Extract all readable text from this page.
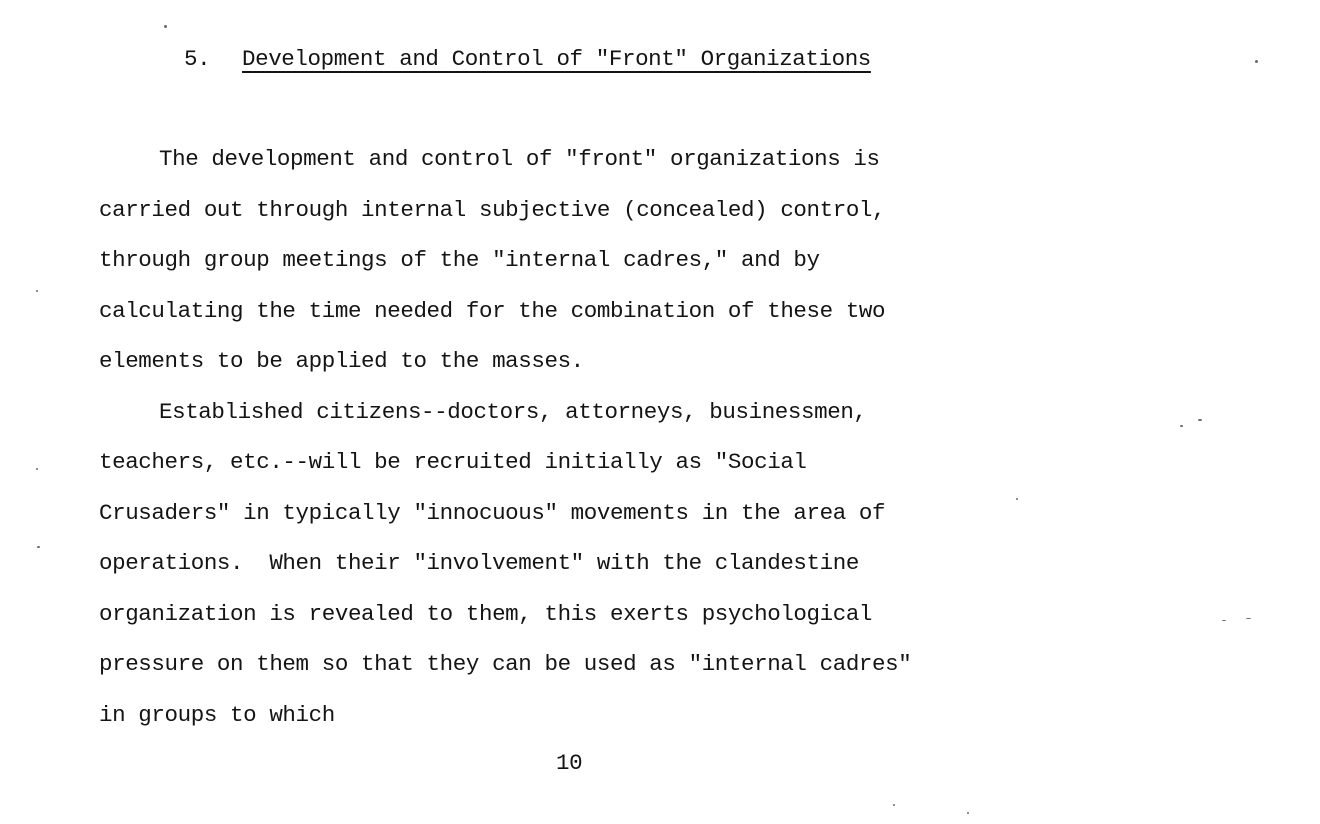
5. Development and Control of "Front" Organizations
The development and control of "front" organizations is
carried out through internal subjective (concealed) control,
through group meetings of the "internal cadres," and by
calculating the time needed for the combination of these two
elements to be applied to the masses.
Established citizens--doctors, attorneys, businessmen,
teachers, etc.--will be recruited initially as "Social
Crusaders" in typically "innocuous" movements in the area of
operations.  When their "involvement" with the clandestine
organization is revealed to them, this exerts psychological
pressure on them so that they can be used as "internal cadres"
in groups to which
10
